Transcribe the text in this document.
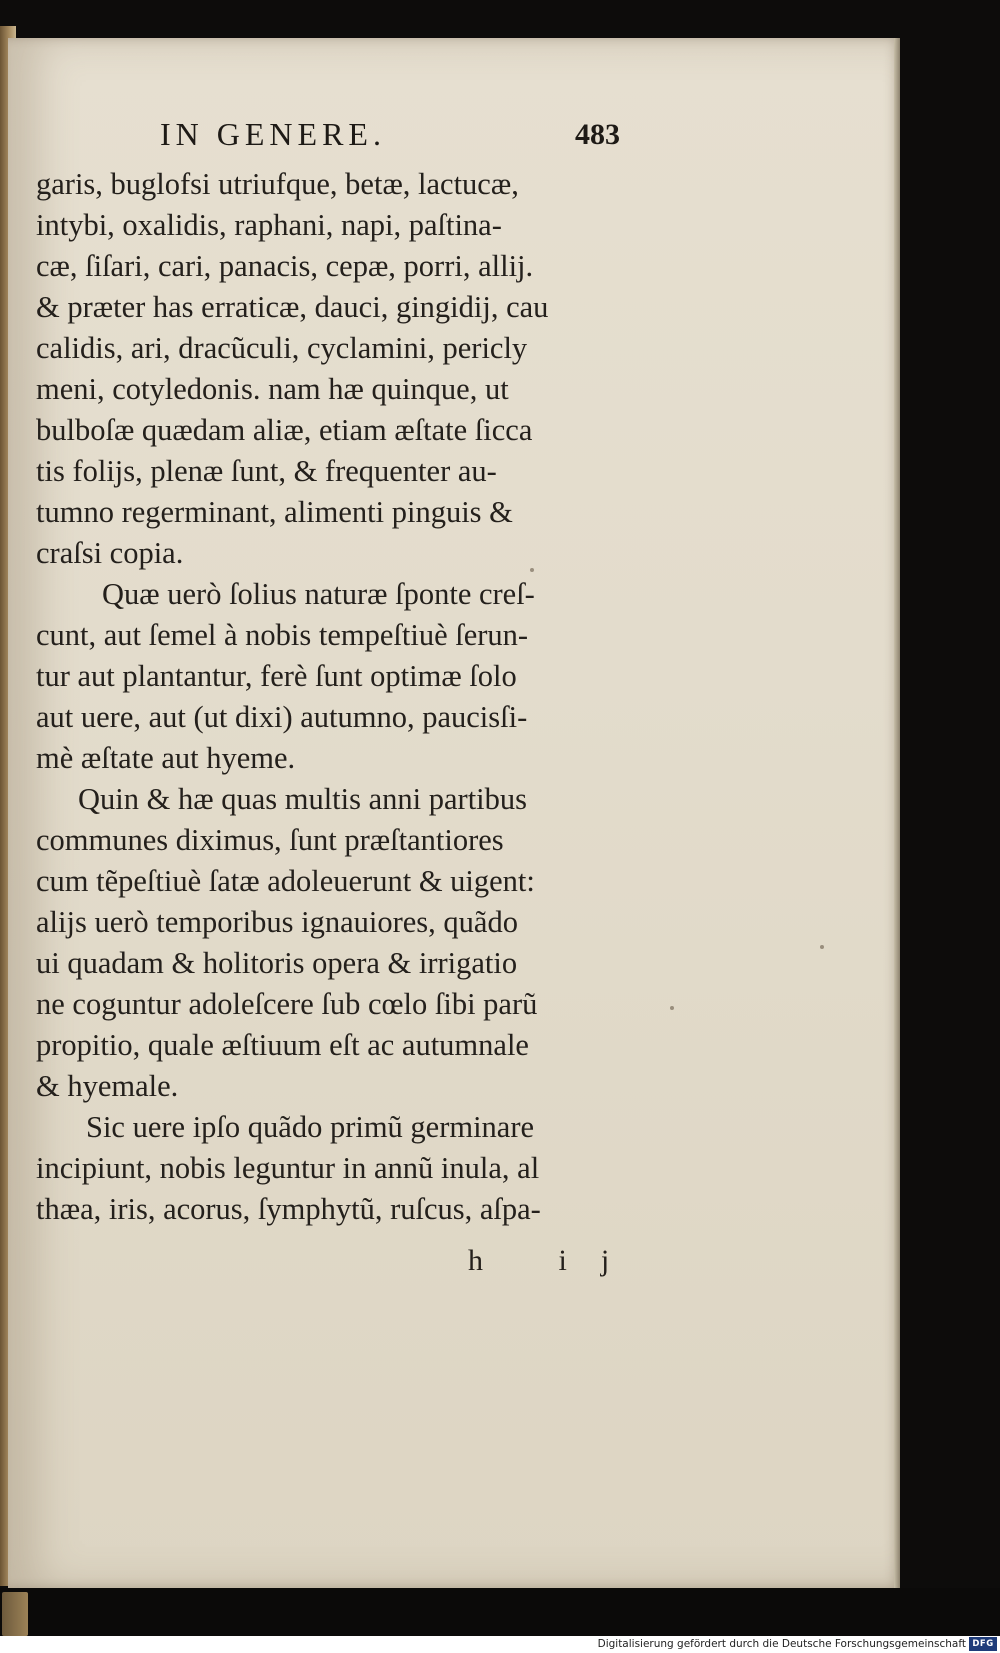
IN GENERE.	483
garis, buglofsi utriufque, betæ, lactucæ,
intybi, oxalidis, raphani, napi, paſtina-
cæ, ſiſari, cari, panacis, cepæ, porri, allij.
& præter has erraticæ, dauci, gingidij, cau
calidis, ari, dracũculi, cyclamini, pericly
meni, cotyledonis. nam hæ quinque, ut
bulboſæ quædam aliæ, etiam æſtate ſicca
tis folijs, plenæ ſunt, & frequenter au-
tumno regerminant, alimenti pinguis &
craſsi copia.
Quæ uerò ſolius naturæ ſponte creſ-
cunt, aut ſemel à nobis tempeſtiuè ſerun-
tur aut plantantur, ferè ſunt optimæ ſolo
aut uere, aut (ut dixi) autumno, paucisſi-
mè æſtate aut hyeme.
Quin & hæ quas multis anni partibus
communes diximus, ſunt præſtantiores
cum tẽpeſtiuè ſatæ adoleuerunt & uigent:
alijs uerò temporibus ignauiores, quãdo
ui quadam & holitoris opera & irrigatio
ne coguntur adoleſcere ſub cœlo ſibi parũ
propitio, quale æſtiuum eſt ac autumnale
& hyemale.
Sic uere ipſo quãdo primũ germinare
incipiunt, nobis leguntur in annũ inula, al
thæa, iris, acorus, ſymphytũ, ruſcus, aſpa-
h ij
Digitalisierung gefördert durch die Deutsche Forschungsgemeinschaft DFG
